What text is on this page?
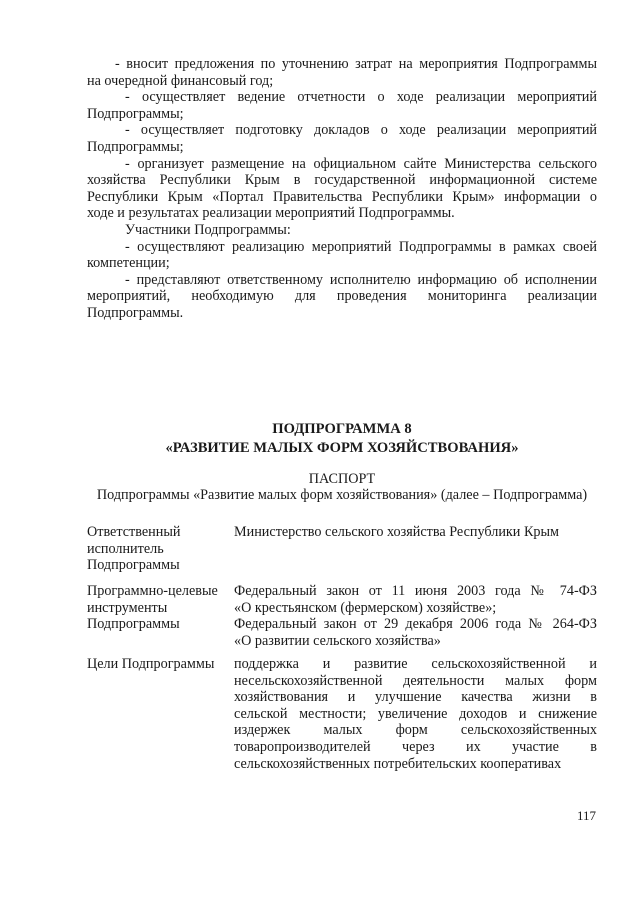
- вносит предложения по уточнению затрат на мероприятия Подпрограммы
на очередной финансовый год;
- осуществляет ведение отчетности о ходе реализации мероприятий
Подпрограммы;
- осуществляет подготовку докладов о ходе реализации мероприятий
Подпрограммы;
- организует размещение на официальном сайте Министерства сельского
хозяйства Республики Крым в государственной информационной системе
Республики Крым «Портал Правительства Республики Крым» информации о
ходе и результатах реализации мероприятий Подпрограммы.
Участники Подпрограммы:
- осуществляют реализацию мероприятий Подпрограммы в рамках своей
компетенции;
- представляют ответственному исполнителю информацию об исполнении
мероприятий, необходимую для проведения мониторинга реализации
Подпрограммы.
ПОДПРОГРАММА 8
«РАЗВИТИЕ МАЛЫХ ФОРМ ХОЗЯЙСТВОВАНИЯ»
ПАСПОРТ
Подпрограммы «Развитие малых форм хозяйствования» (далее – Подпрограмма)
Ответственный
исполнитель
Подпрограммы
Министерство сельского хозяйства Республики Крым
Программно-целевые
инструменты
Подпрограммы
Федеральный закон от 11 июня 2003 года № 74-ФЗ
«О крестьянском (фермерском) хозяйстве»;
Федеральный закон от 29 декабря 2006 года № 264-ФЗ
«О развитии сельского хозяйства»
Цели Подпрограммы	поддержка и развитие сельскохозяйственной и
несельскохозяйственной деятельности малых форм
хозяйствования и улучшение качества жизни в
сельской местности; увеличение доходов и снижение
издержек малых форм сельскохозяйственных
товаропроизводителей через их участие в
сельскохозяйственных потребительских кооперативах
117
